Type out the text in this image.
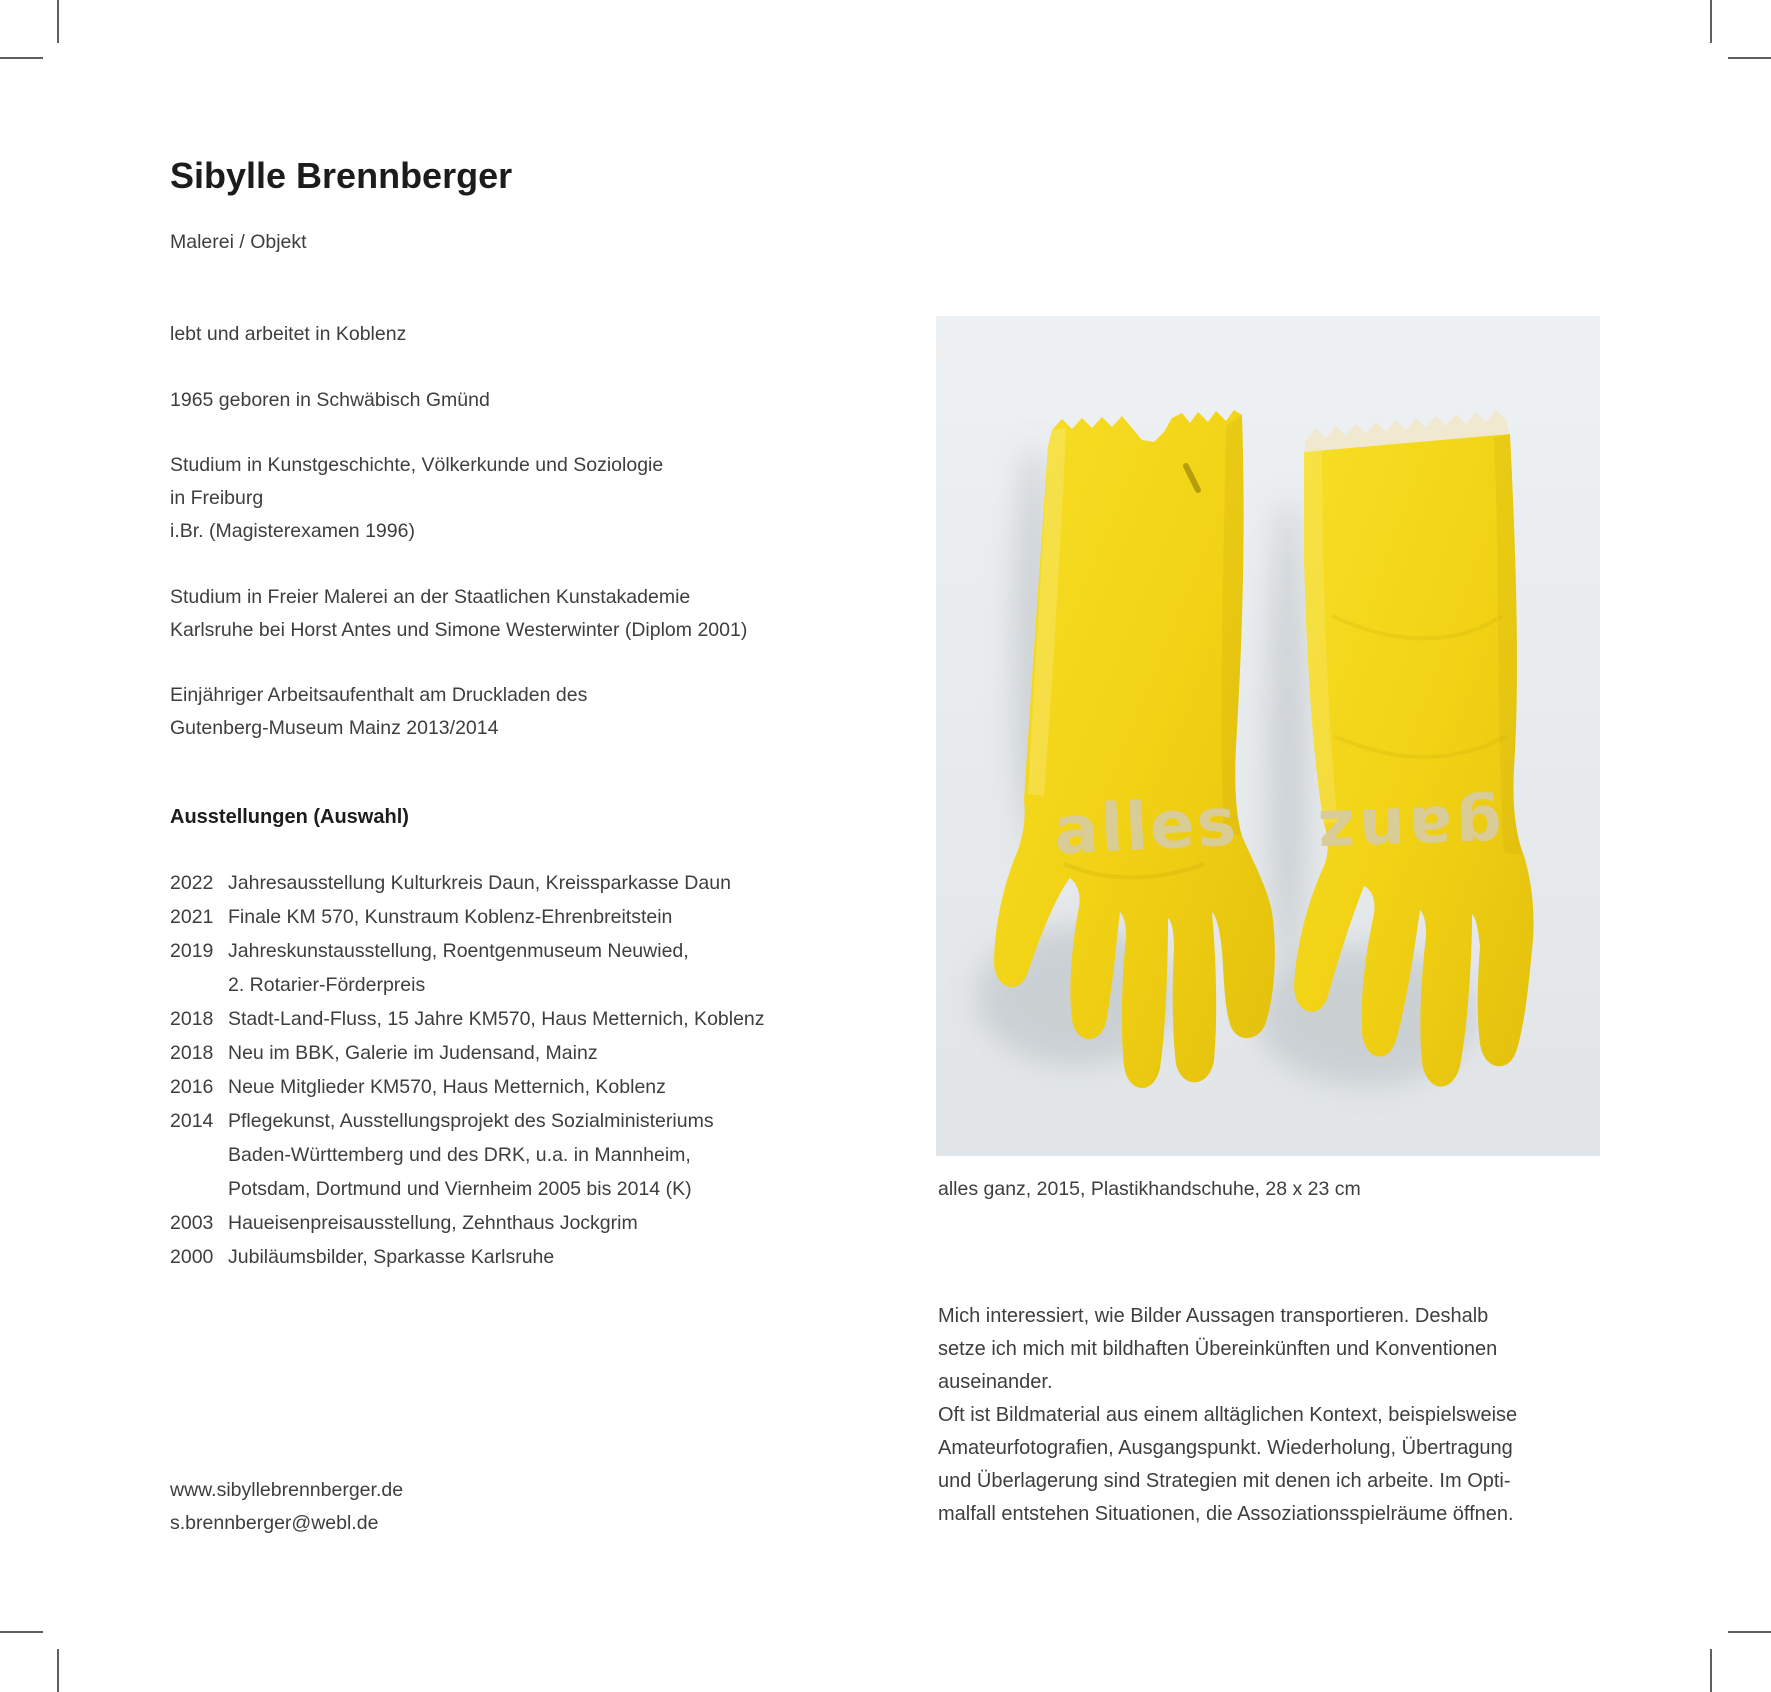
Sibylle Brennberger
Malerei / Objekt
lebt und arbeitet in Koblenz
1965 geboren in Schwäbisch Gmünd
Studium in Kunstgeschichte, Völkerkunde und Soziologie
in Freiburg
i.Br. (Magisterexamen 1996)
Studium in Freier Malerei an der Staatlichen Kunstakademie
Karlsruhe bei Horst Antes und Simone Westerwinter (Diplom 2001)
Einjähriger Arbeitsaufenthalt am Druckladen des
Gutenberg-Museum Mainz 2013/2014
Ausstellungen (Auswahl)
2022 Jahresausstellung Kulturkreis Daun, Kreissparkasse Daun
2021 Finale KM 570, Kunstraum Koblenz-Ehrenbreitstein
2019 Jahreskunstausstellung, Roentgenmuseum Neuwied,
2. Rotarier-Förderpreis
2018 Stadt-Land-Fluss, 15 Jahre KM570, Haus Metternich, Koblenz
2018 Neu im BBK, Galerie im Judensand, Mainz
2016 Neue Mitglieder KM570, Haus Metternich, Koblenz
2014 Pflegekunst, Ausstellungsprojekt des Sozialministeriums
Baden-Württemberg und des DRK, u.a. in Mannheim,
Potsdam, Dortmund und Viernheim 2005 bis 2014 (K)
2003 Haueisenpreisausstellung, Zehnthaus Jockgrim
2000 Jubiläumsbilder, Sparkasse Karlsruhe
www.sibyllebrennberger.de
s.brennberger@webl.de
alles ganz
alles ganz, 2015, Plastikhandschuhe, 28 x 23 cm
Mich interessiert, wie Bilder Aussagen transportieren. Deshalb
setze ich mich mit bildhaften Übereinkünften und Konventionen
auseinander.
Oft ist Bildmaterial aus einem alltäglichen Kontext, beispielsweise
Amateurfotografien, Ausgangspunkt. Wiederholung, Übertragung
und Überlagerung sind Strategien mit denen ich arbeite. Im Opti-
malfall entstehen Situationen, die Assoziationsspielräume öffnen.
